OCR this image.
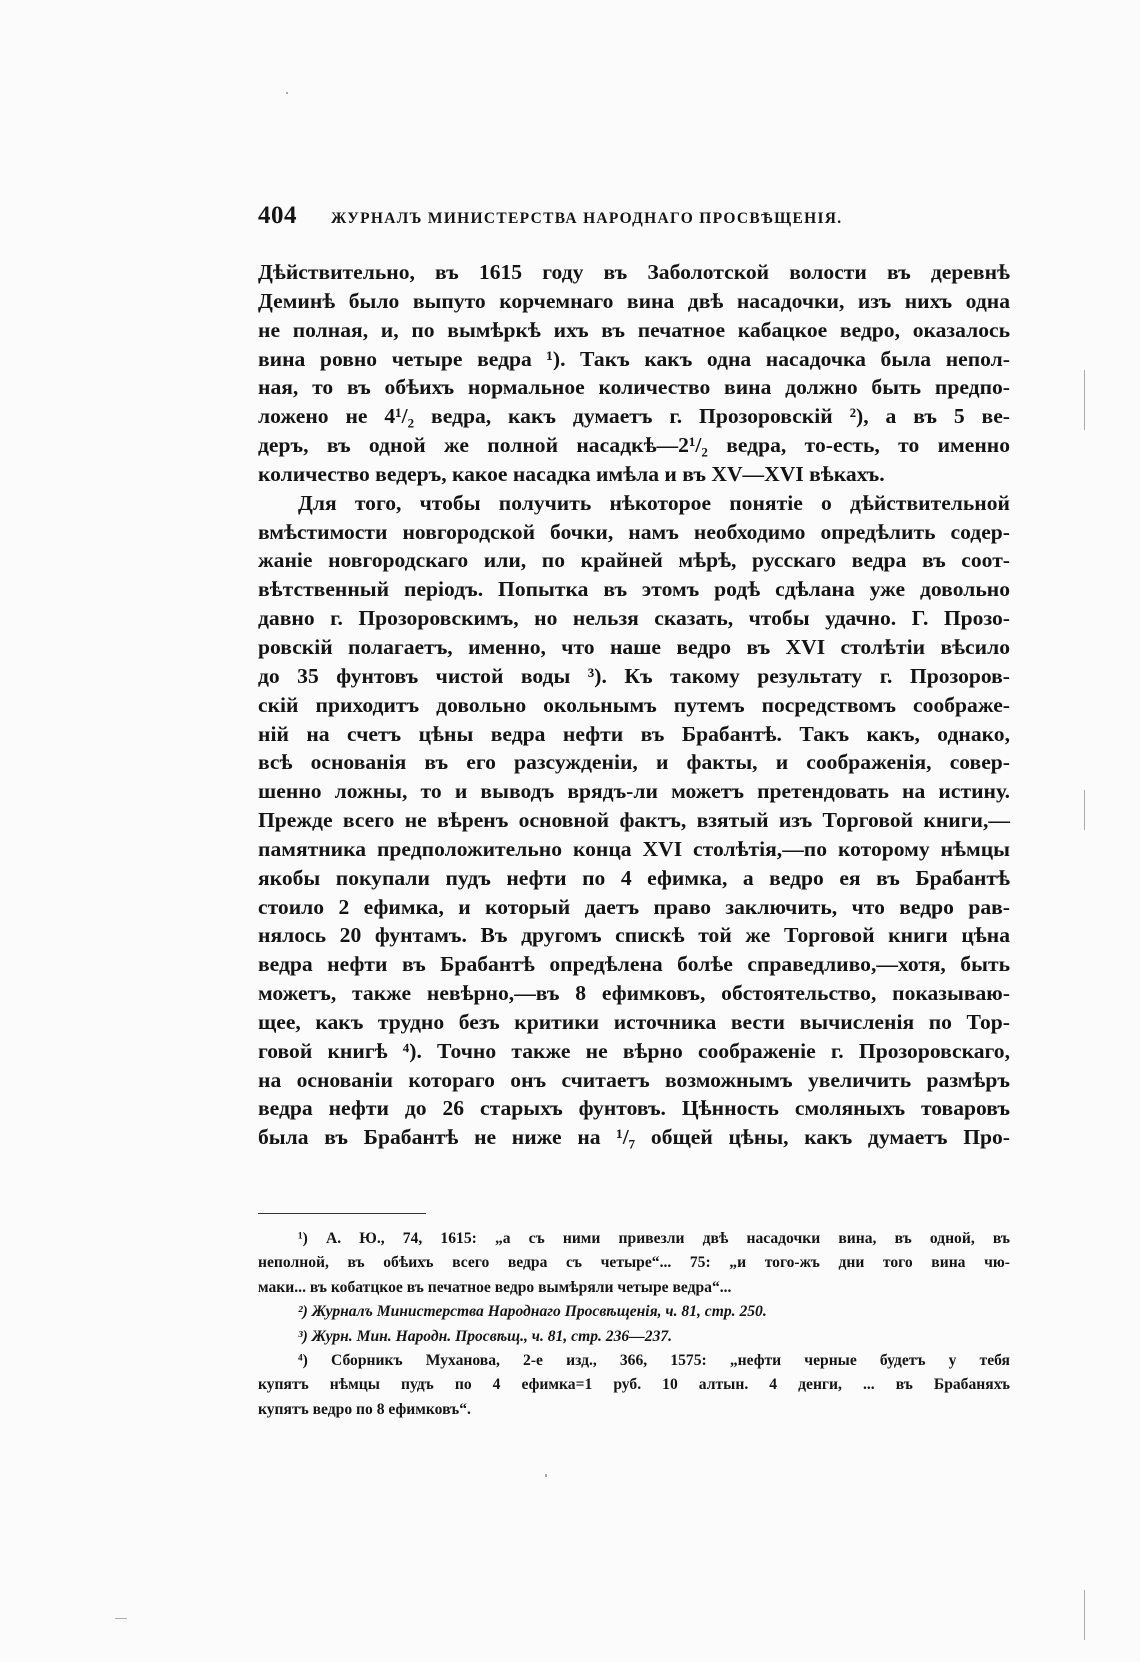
404 ЖУРНАЛЪ МИНИСТЕРСТВА НАРОДНАГО ПРОСВѢЩЕНІЯ.
Дѣйствительно, въ 1615 году въ Заболотской волости въ деревнѣ
Деминѣ было выпуто корчемнаго вина двѣ насадочки, изъ нихъ одна
не полная, и, по вымѣркѣ ихъ въ печатное кабацкое ведро, оказалось
вина ровно четыре ведра ¹). Такъ какъ одна насадочка была непол-
ная, то въ обѣихъ нормальное количество вина должно быть предпо-
ложено не 4¹/₂ ведра, какъ думаетъ г. Прозоровскій ²), а въ 5 ве-
деръ, въ одной же полной насадкѣ—2¹/₂ ведра, то-есть, то именно
количество ведеръ, какое насадка имѣла и въ XV—XVI вѣкахъ.
Для того, чтобы получить нѣкоторое понятіе о дѣйствительной
вмѣстимости новгородской бочки, намъ необходимо опредѣлить содер-
жаніе новгородскаго или, по крайней мѣрѣ, русскаго ведра въ соот-
вѣтственный періодъ. Попытка въ этомъ родѣ сдѣлана уже довольно
давно г. Прозоровскимъ, но нельзя сказать, чтобы удачно. Г. Прозо-
ровскій полагаетъ, именно, что наше ведро въ XVI столѣтіи вѣсило
до 35 фунтовъ чистой воды ³). Къ такому результату г. Прозоров-
скій приходитъ довольно окольнымъ путемъ посредствомъ соображе-
ній на счетъ цѣны ведра нефти въ Брабантѣ. Такъ какъ, однако,
всѣ основанія въ его разсужденіи, и факты, и соображенія, совер-
шенно ложны, то и выводъ врядъ-ли можетъ претендовать на истину.
Прежде всего не вѣренъ основной фактъ, взятый изъ Торговой книги,—
памятника предположительно конца XVI столѣтія,—по которому нѣмцы
якобы покупали пудъ нефти по 4 ефимка, а ведро ея въ Брабантѣ
стоило 2 ефимка, и который даетъ право заключить, что ведро рав-
нялось 20 фунтамъ. Въ другомъ спискѣ той же Торговой книги цѣна
ведра нефти въ Брабантѣ опредѣлена болѣе справедливо,—хотя, быть
можетъ, также невѣрно,—въ 8 ефимковъ, обстоятельство, показываю-
щее, какъ трудно безъ критики источника вести вычисленія по Тор-
говой книгѣ ⁴). Точно также не вѣрно соображеніе г. Прозоровскаго,
на основаніи котораго онъ считаетъ возможнымъ увеличить размѣръ
ведра нефти до 26 старыхъ фунтовъ. Цѣнность смоляныхъ товаровъ
была въ Брабантѣ не ниже на ¹/₇ общей цѣны, какъ думаетъ Про-
¹) А. Ю., 74, 1615: „а съ ними привезли двѣ насадочки вина, въ одной, въ
неполной, въ обѣихъ всего ведра съ четыре“... 75: „и того-жъ дни того вина чю-
маки... въ кобатцкое въ печатное ведро вымѣряли четыре ведра“...
²) Журналъ Министерства Народнаго Просвѣщенія, ч. 81, стр. 250.
³) Журн. Мин. Народн. Просвѣщ., ч. 81, стр. 236—237.
⁴) Сборникъ Муханова, 2-е изд., 366, 1575: „нефти черные будетъ у тебя
купятъ нѣмцы пудъ по 4 ефимка=1 руб. 10 алтын. 4 денги, ... въ Брабаняхъ
купятъ ведро по 8 ефимковъ“.
